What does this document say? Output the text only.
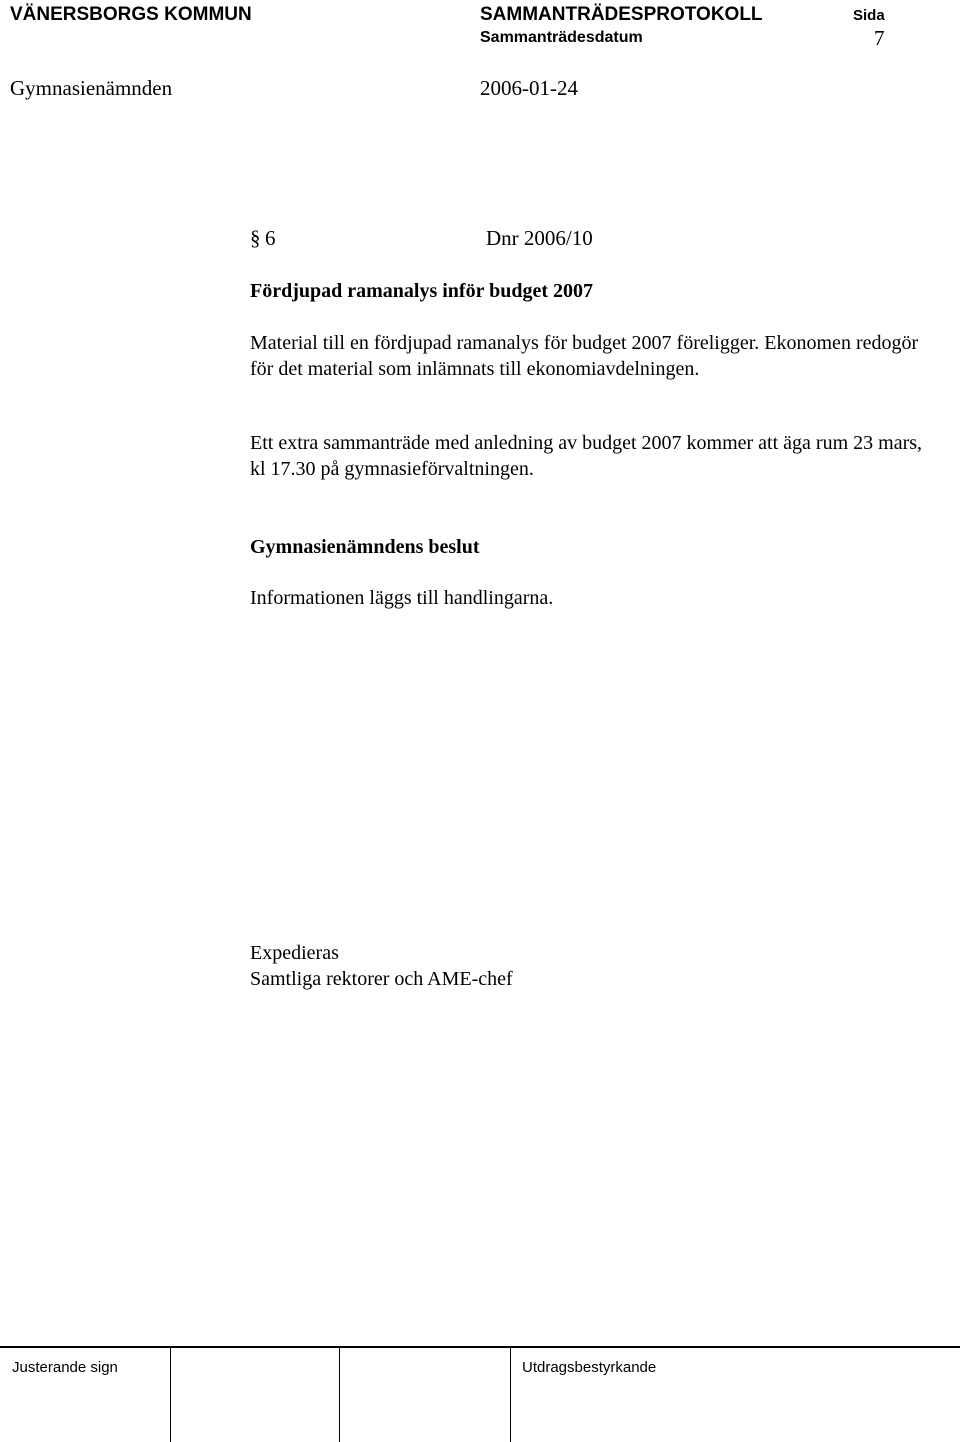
VÄNERSBORGS KOMMUN	SAMMANTRÄDESPROTOKOLL	Sida
Sammanträdesdatum	7
Gymnasienämnden	2006-01-24
§ 6	Dnr 2006/10
Fördjupad ramanalys inför budget 2007
Material till en fördjupad ramanalys för budget 2007 föreligger. Ekonomen redogör för det material som inlämnats till ekonomiavdelningen.
Ett extra sammanträde med anledning av budget 2007 kommer att äga rum 23 mars, kl 17.30 på gymnasieförvaltningen.
Gymnasienämndens beslut
Informationen läggs till handlingarna.
Expedieras
Samtliga rektorer och AME-chef
Justerande sign	Utdragsbestyrkande
